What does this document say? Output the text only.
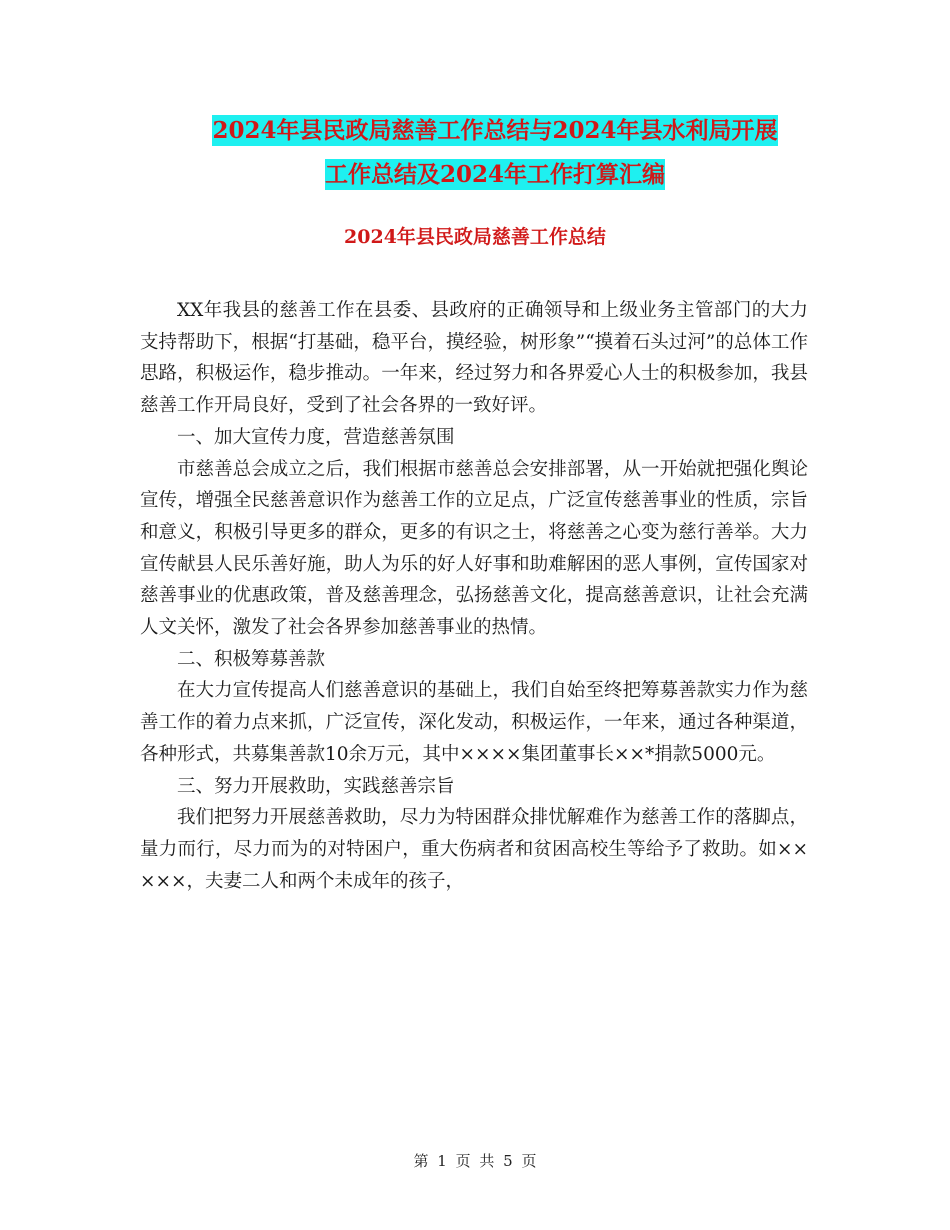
2024年县民政局慈善工作总结与2024年县水利局开展
工作总结及2024年工作打算汇编
2024年县民政局慈善工作总结

XX年我县的慈善工作在县委、县政府的正确领导和上级业务主管部门的大力支持帮助下，根据“打基础，稳平台，摸经验，树形象”“摸着石头过河”的总体工作思路，积极运作，稳步推动。一年来，经过努力和各界爱心人士的积极参加，我县慈善工作开局良好，受到了社会各界的一致好评。

一、加大宣传力度，营造慈善氛围

市慈善总会成立之后，我们根据市慈善总会安排部署，从一开始就把强化舆论宣传，增强全民慈善意识作为慈善工作的立足点，广泛宣传慈善事业的性质，宗旨和意义，积极引导更多的群众，更多的有识之士，将慈善之心变为慈行善举。大力宣传献县人民乐善好施，助人为乐的好人好事和助难解困的恶人事例，宣传国家对慈善事业的优惠政策，普及慈善理念，弘扬慈善文化，提高慈善意识，让社会充满人文关怀，激发了社会各界参加慈善事业的热情。

二、积极筹募善款

在大力宣传提高人们慈善意识的基础上，我们自始至终把筹募善款实力作为慈善工作的着力点来抓，广泛宣传，深化发动，积极运作，一年来，通过各种渠道，各种形式，共募集善款10余万元，其中××××集团董事长××*捐款5000元。

三、努力开展救助，实践慈善宗旨

我们把努力开展慈善救助，尽力为特困群众排忧解难作为慈善工作的落脚点，量力而行，尽力而为的对特困户，重大伤病者和贫困高校生等给予了救助。如×××××，夫妻二人和两个未成年的孩子，

第 1 页 共 5 页
